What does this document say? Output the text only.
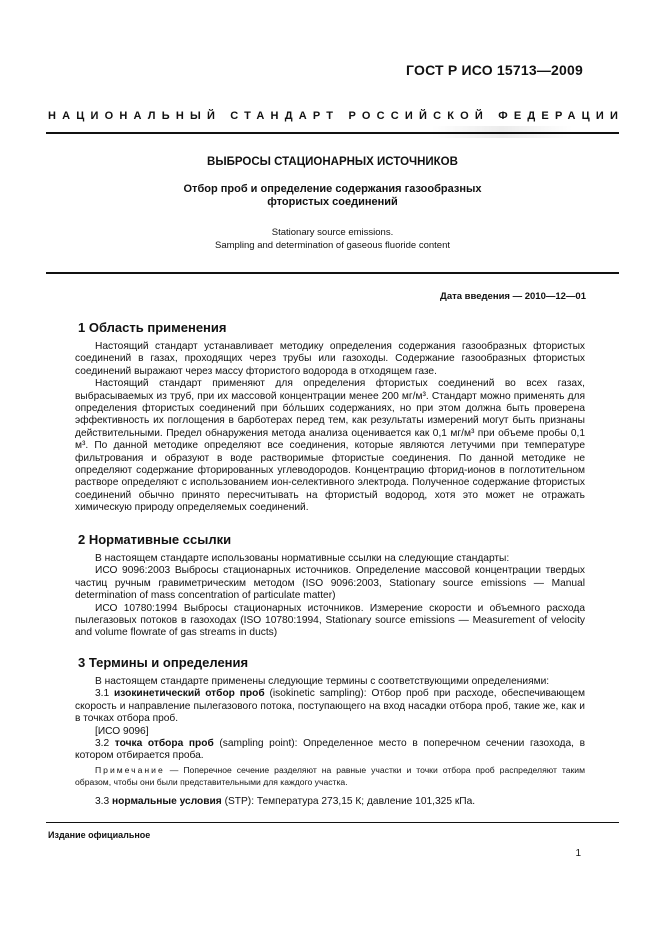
ГОСТ Р ИСО 15713—2009
НАЦИОНАЛЬНЫЙ СТАНДАРТ РОССИЙСКОЙ ФЕДЕРАЦИИ
ВЫБРОСЫ СТАЦИОНАРНЫХ ИСТОЧНИКОВ
Отбор проб и определение содержания газообразных
фтористых соединений
Stationary source emissions.
Sampling and determination of gaseous fluoride content
Дата введения — 2010—12—01
1 Область применения

Настоящий стандарт устанавливает методику определения содержания газообразных фтористых соединений в газах, проходящих через трубы или газоходы. Содержание газообразных фтористых соединений выражают через массу фтористого водорода в отходящем газе.

Настоящий стандарт применяют для определения фтористых соединений во всех газах, выбрасываемых из труб, при их массовой концентрации менее 200 мг/м³. Стандарт можно применять для определения фтористых соединений при бо́льших содержаниях, но при этом должна быть проверена эффективность их поглощения в барботерах перед тем, как результаты измерений могут быть признаны действительными. Предел обнаружения метода анализа оценивается как 0,1 мг/м³ при объеме пробы 0,1 м³. По данной методике определяют все соединения, которые являются летучими при температуре фильтрования и образуют в воде растворимые фтористые соединения. По данной методике не определяют содержание фторированных углеводородов. Концентрацию фторид-ионов в поглотительном растворе определяют с использованием ион-селективного электрода. Полученное содержание фтористых соединений обычно принято пересчитывать на фтористый водород, хотя это может не отражать химическую природу определяемых соединений.

2 Нормативные ссылки

В настоящем стандарте использованы нормативные ссылки на следующие стандарты:

ИСО 9096:2003 Выбросы стационарных источников. Определение массовой концентрации твердых частиц ручным гравиметрическим методом (ISO 9096:2003, Stationary source emissions — Manual determination of mass concentration of particulate matter)

ИСО 10780:1994 Выбросы стационарных источников. Измерение скорости и объемного расхода пылегазовых потоков в газоходах (ISO 10780:1994, Stationary source emissions — Measurement of velocity and volume flowrate of gas streams in ducts)

3 Термины и определения

В настоящем стандарте применены следующие термины с соответствующими определениями:

3.1 изокинетический отбор проб (isokinetic sampling): Отбор проб при расходе, обеспечивающем скорость и направление пылегазового потока, поступающего на вход насадки отбора проб, такие же, как и в точках отбора проб.

[ИСО 9096]

3.2 точка отбора проб (sampling point): Определенное место в поперечном сечении газохода, в котором отбирается проба.

Примечание — Поперечное сечение разделяют на равные участки и точки отбора проб распределяют таким образом, чтобы они были представительными для каждого участка.

3.3 нормальные условия (STP): Температура 273,15 К; давление 101,325 кПа.

Издание официальное
1
